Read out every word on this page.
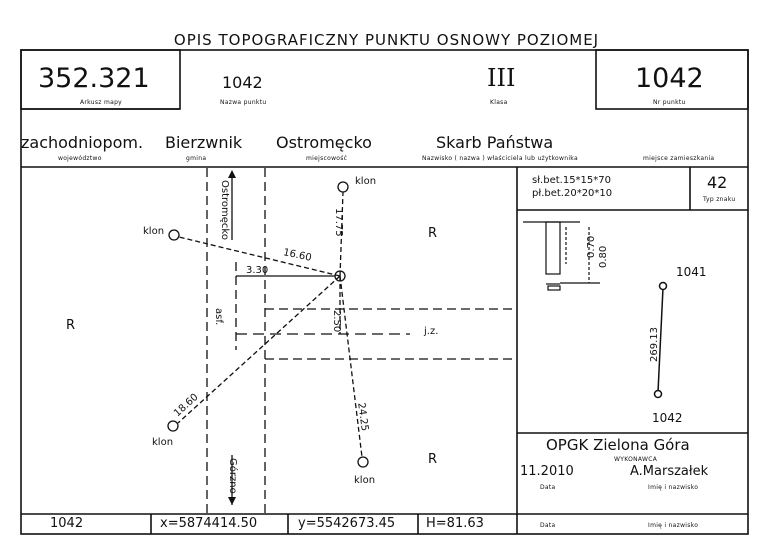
OPIS TOPOGRAFICZNY PUNKTU OSNOWY POZIOMEJ
352.321
Arkusz mapy
1042
Nazwa punktu
III
Klasa
1042
Nr punktu
zachodniopom.
województwo
Bierzwnik
gmina
Ostromęcko
miejscowość
Skarb Państwa
Nazwisko ( nazwa ) właściciela lub użytkownika	miejsce zamieszkania
Ostromęcko
Górzno
asf.
j.z.
klon
klon
klon
klon
16.60
17.75
3.30
2.50
18.60	24.25
R
R
R
sł.bet.15*15*70
pł.bet.20*20*10
42
Typ znaku
0.70 0.80
1041
1042
269.13
OPGK Zielona Góra
WYKONAWCA
11.2010
Data
A.Marszałek
Imię i nazwisko
1042	x=5874414.50	y=5542673.45 H=81.63	Data	Imię i nazwisko
